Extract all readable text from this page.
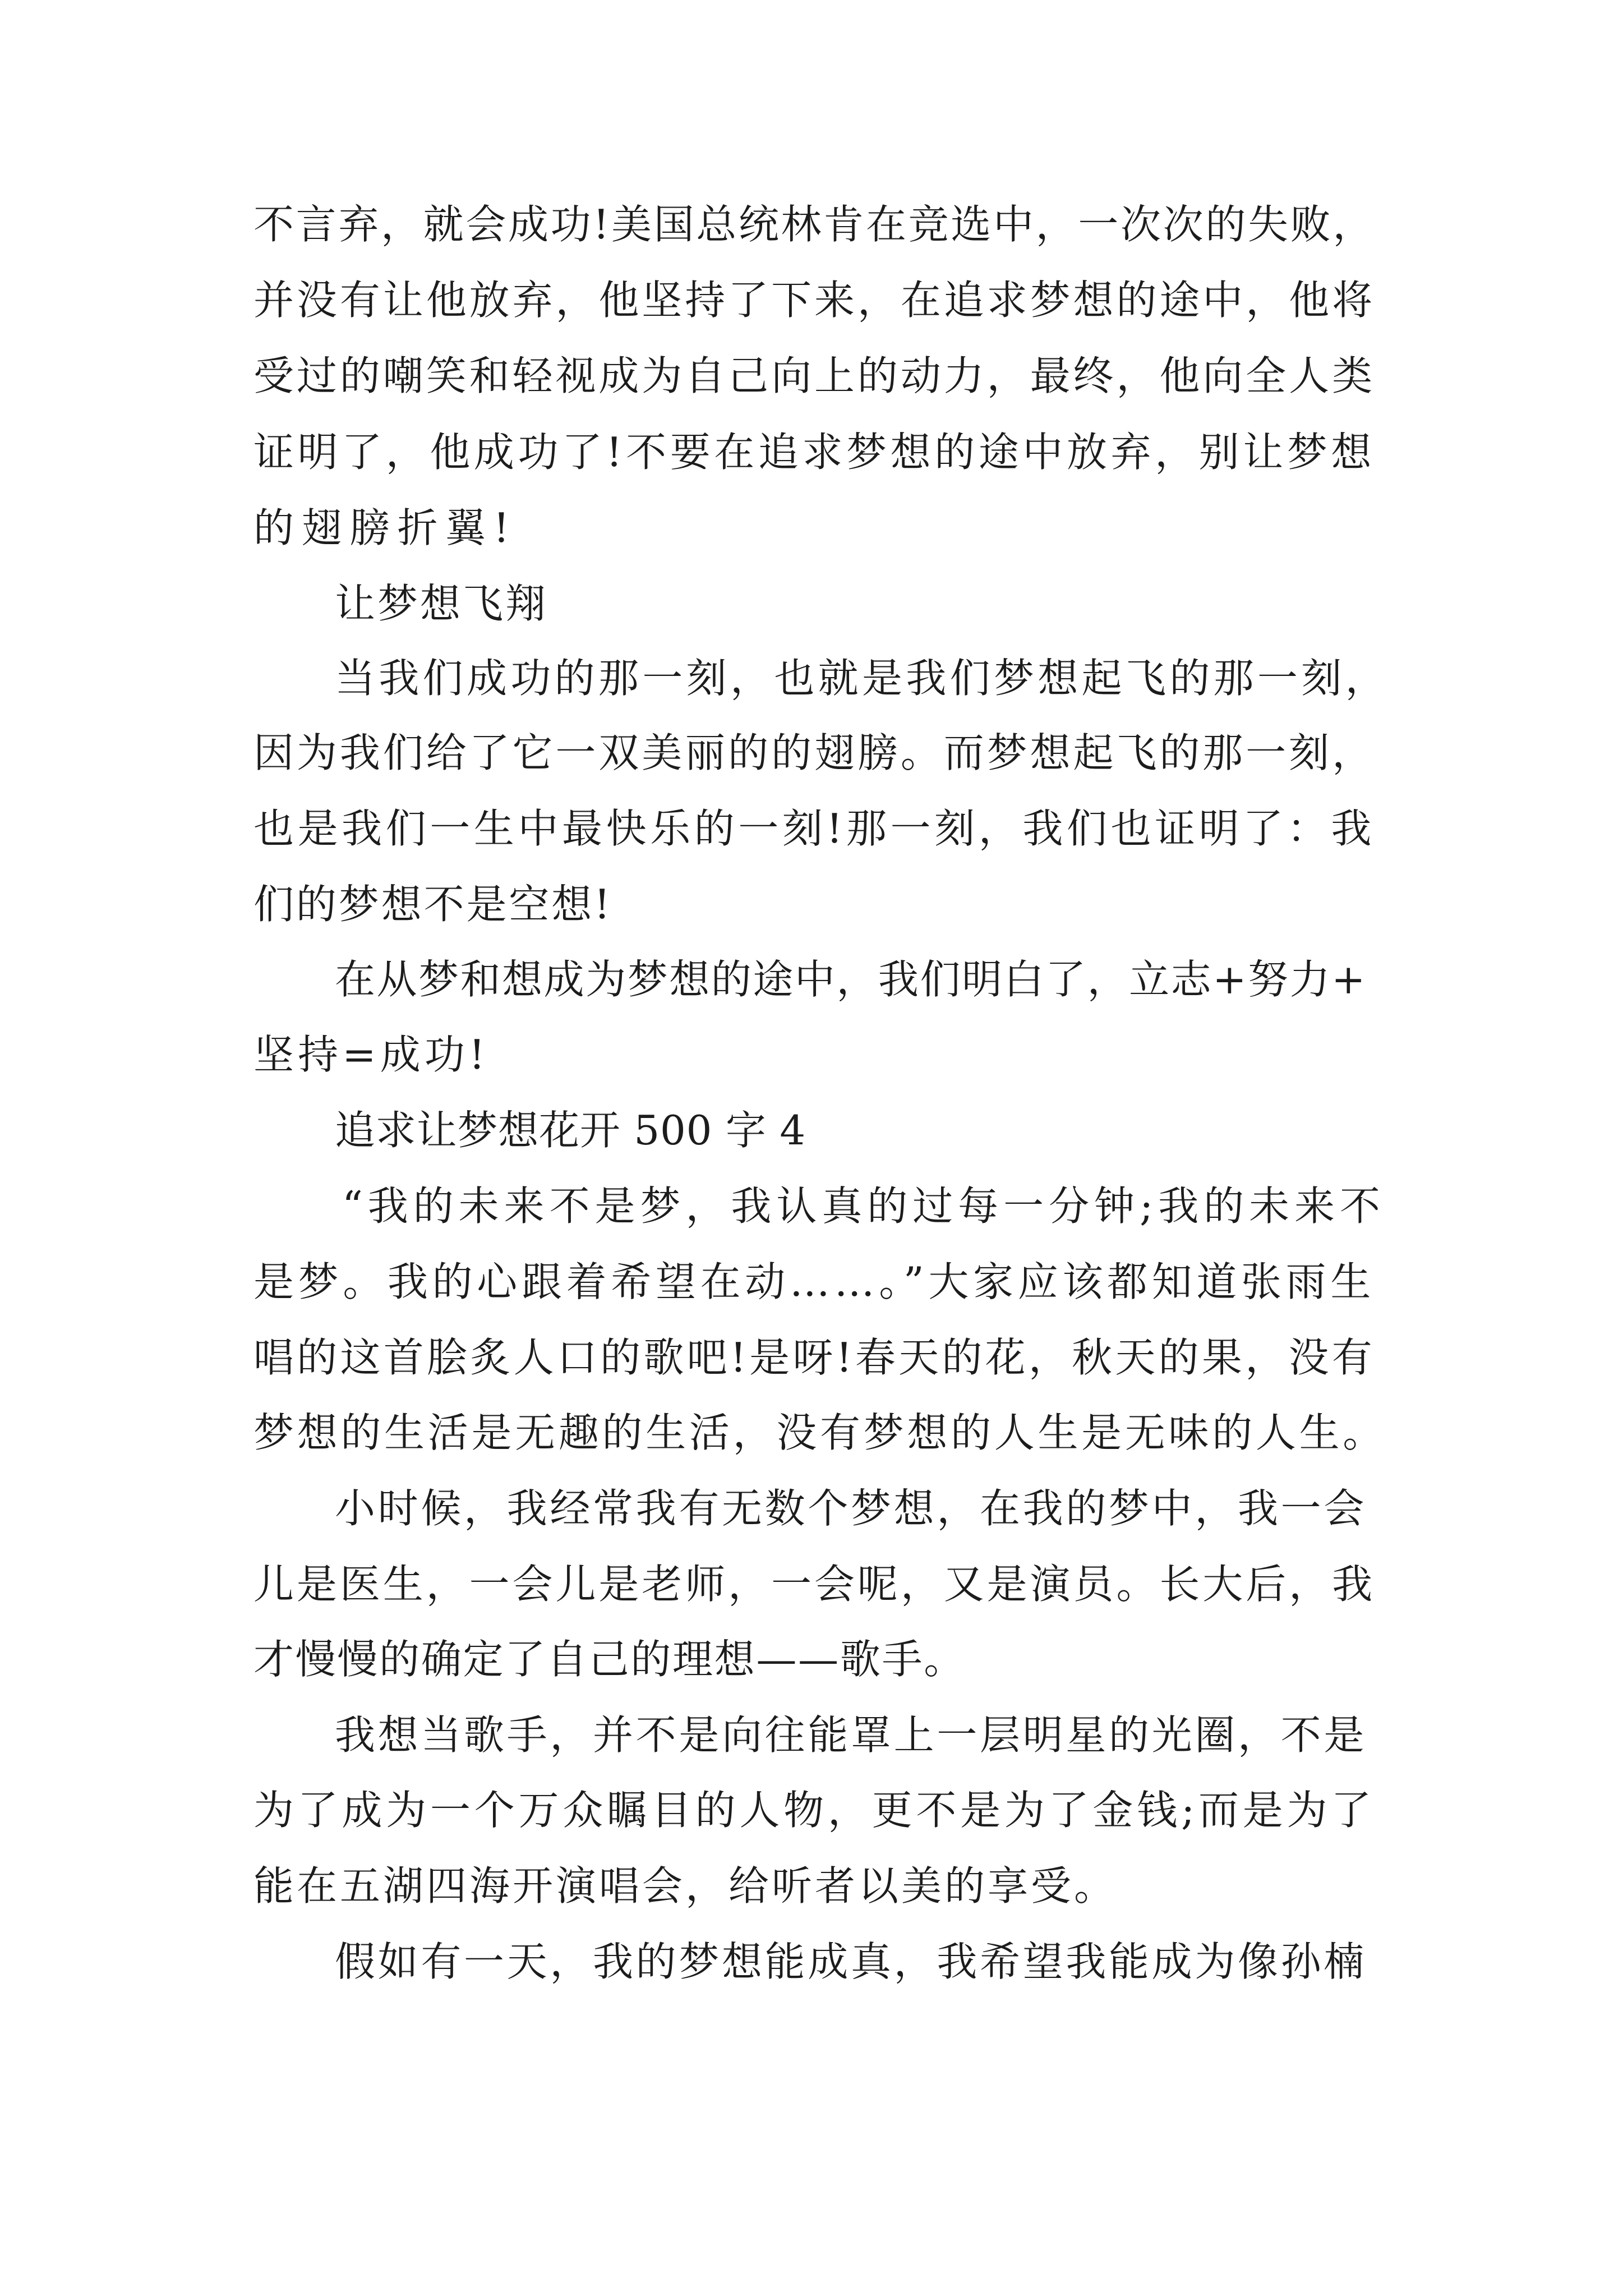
不言弃，就会成功!美国总统林肯在竞选中，一次次的失败，
并没有让他放弃，他坚持了下来，在追求梦想的途中，他将
受过的嘲笑和轻视成为自己向上的动力，最终，他向全人类
证明了，他成功了!不要在追求梦想的途中放弃，别让梦想
的翅膀折翼!
让梦想飞翔
当我们成功的那一刻，也就是我们梦想起飞的那一刻，
因为我们给了它一双美丽的的翅膀。而梦想起飞的那一刻，
也是我们一生中最快乐的一刻!那一刻，我们也证明了：我
们的梦想不是空想!
在从梦和想成为梦想的途中，我们明白了，立志+努力+
坚持=成功!
追求让梦想花开 500 字 4
“我的未来不是梦，我认真的过每一分钟;我的未来不
是梦。我的心跟着希望在动……。”大家应该都知道张雨生
唱的这首脍炙人口的歌吧!是呀!春天的花，秋天的果，没有
梦想的生活是无趣的生活，没有梦想的人生是无味的人生。
小时候，我经常我有无数个梦想，在我的梦中，我一会
儿是医生，一会儿是老师，一会呢，又是演员。长大后，我
才慢慢的确定了自己的理想——歌手。
我想当歌手，并不是向往能罩上一层明星的光圈，不是
为了成为一个万众瞩目的人物，更不是为了金钱;而是为了
能在五湖四海开演唱会，给听者以美的享受。
假如有一天，我的梦想能成真，我希望我能成为像孙楠
